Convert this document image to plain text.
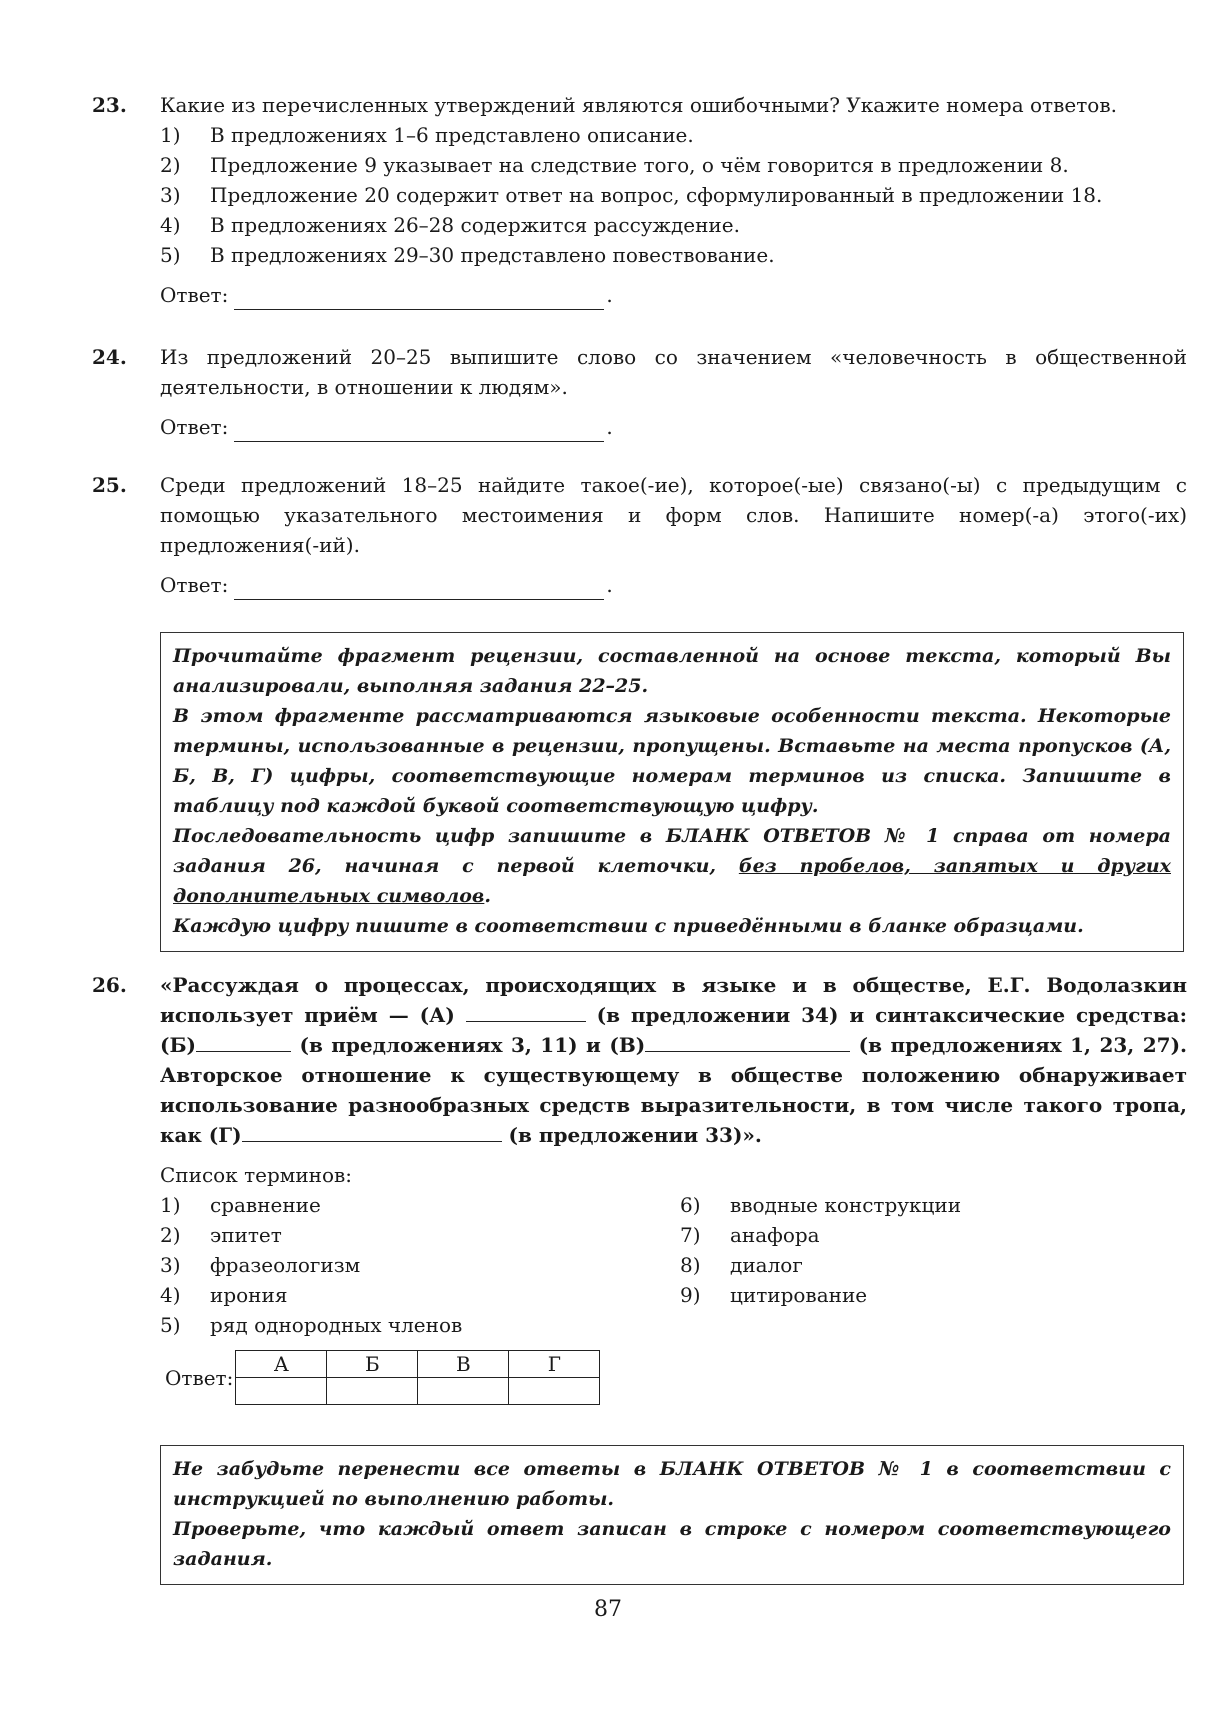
23. Какие из перечисленных утверждений являются ошибочными? Укажите номера ответов.
1)	В предложениях 1–6 представлено описание.
2)	Предложение 9 указывает на следствие того, о чём говорится в предложении 8.
3)	Предложение 20 содержит ответ на вопрос, сформулированный в предложении 18.
4)	В предложениях 26–28 содержится рассуждение.
5)	В предложениях 29–30 представлено повествование.
Ответ:	.
24. Из предложений 20–25 выпишите слово со значением «человечность в общественной деятельности, в отношении к людям».
Ответ:	.
25. Среди предложений 18–25 найдите такое(-ие), которое(-ые) связано(-ы) с предыдущим с помощью указательного местоимения и форм слов. Напишите номер(-а) этого(-их) предложения(-ий).
Ответ:	.

Прочитайте фрагмент рецензии, составленной на основе текста, который Вы анализировали, выполняя задания 22–25.

В этом фрагменте рассматриваются языковые особенности текста. Некоторые термины, использованные в рецензии, пропущены. Вставьте на места пропусков (А, Б, В, Г) цифры, соответствующие номерам терминов из списка. Запишите в таблицу под каждой буквой соответствующую цифру.

Последовательность цифр запишите в БЛАНК ОТВЕТОВ № 1 справа от номера задания 26, начиная с первой клеточки, без пробелов, запятых и других дополнительных символов.

Каждую цифру пишите в соответствии с приведёнными в бланке образцами.

26. «Рассуждая о процессах, происходящих в языке и в обществе, Е.Г. Водолазкин использует приём — (А)	(в предложении 34) и синтаксические средства: (Б)	(в предложениях 3, 11) и (В)	(в предложениях 1, 23, 27). Авторское отношение к существующему в обществе положению обнаруживает использование разнообразных средств выразительности, в том числе такого тропа, как (Г)	(в предложении 33)».
Список терминов:
1)	сравнение
2)	эпитет
3)	фразеологизм
4)	ирония
5)	ряд однородных членов
6)	вводные конструкции
7)	анафора
8)	диалог
9)	цитирование
Ответ:
А	Б	В	Г

Не забудьте перенести все ответы в БЛАНК ОТВЕТОВ № 1 в соответствии с инструкцией по выполнению работы.

Проверьте, что каждый ответ записан в строке с номером соответствующего задания.

87
